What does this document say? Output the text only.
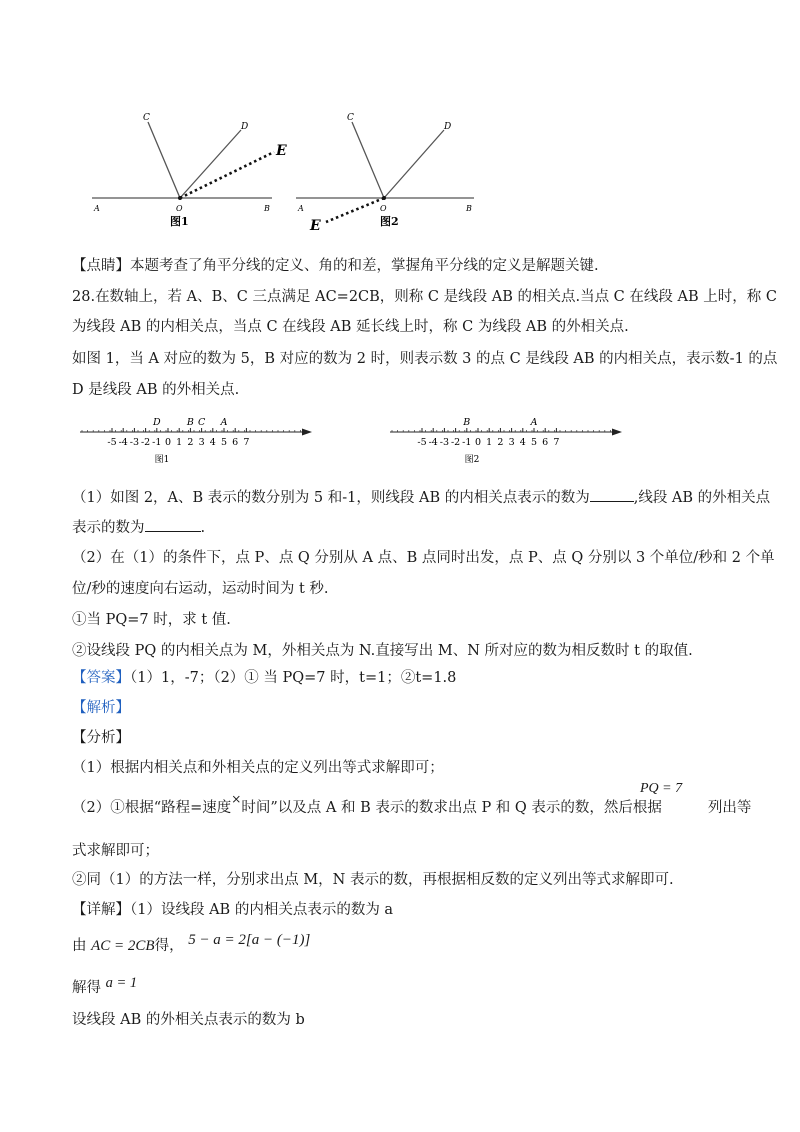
C
D
E
O
A	B
图1
C
D
E
O
A	B
图2
【点睛】本题考查了角平分线的定义、角的和差，掌握角平分线的定义是解题关键.
28.在数轴上，若 A、B、C 三点满足 AC=2CB，则称 C 是线段 AB 的相关点.当点 C 在线段 AB 上时，称 C
为线段 AB 的内相关点，当点 C 在线段 AB 延长线上时，称 C 为线段 AB 的外相关点.
如图 1，当 A 对应的数为 5，B 对应的数为 2 时，则表示数 3 的点 C 是线段 AB 的内相关点，表示数-1 的点
D 是线段 AB 的外相关点.
-5 -4 -3 -2 -1 0 1 2 3 4 5 6 7
D	B C A
图1
-5 -4 -3 -2 -1 0 1 2 3 4 5 6 7
B	A
图2
（1）如图 2，A、B 表示的数分别为 5 和-1，则线段 AB 的内相关点表示的数为	,线段 AB 的外相关点
表示的数为	.
（2）在（1）的条件下，点 P、点 Q 分别从 A 点、B 点同时出发，点 P、点 Q 分别以 3 个单位/秒和 2 个单
位/秒的速度向右运动，运动时间为 t 秒.
①当 PQ=7 时，求 t 值.
②设线段 PQ 的内相关点为 M，外相关点为 N.直接写出 M、N 所对应的数为相反数时 t 的取值.
【答案】（1）1，-7；（2）① 当 PQ=7 时，t=1；②t=1.8
【解析】
【分析】
（1）根据内相关点和外相关点的定义列出等式求解即可；
（2）①根据“路程=速度×时间”以及点 A 和 B 表示的数求出点 P 和 Q 表示的数，然后根据	列出等
PQ = 7
式求解即可；
②同（1）的方法一样，分别求出点 M，N 表示的数，再根据相反数的定义列出等式求解即可.
【详解】（1）设线段 AB 的内相关点表示的数为 a
由 AC = 2CB得， 5 − a = 2[a − (−1)]
解得 a = 1
设线段 AB 的外相关点表示的数为 b
